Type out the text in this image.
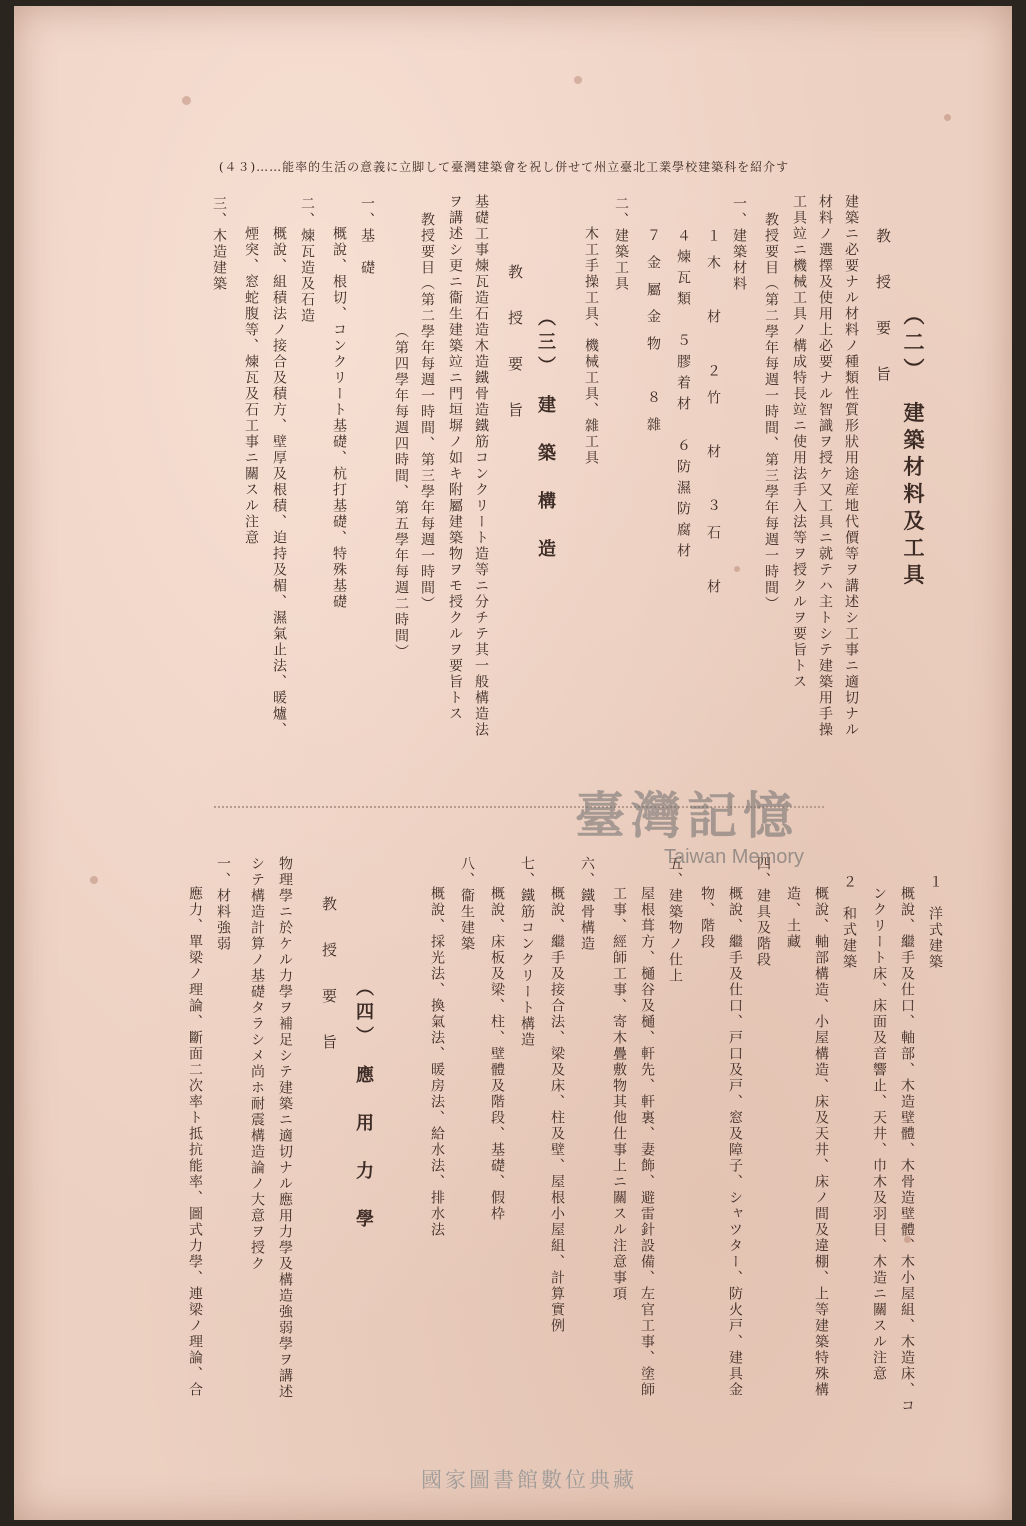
(４３)……能率的生活の意義に立脚して臺灣建築會を祝し併せて州立臺北工業學校建築科を紹介す
（二）　建築材料及工具
教　授　要　旨
建築ニ必要ナル材料ノ種類性質形狀用途産地代價等ヲ講述シ工事ニ適切ナル
材料ノ選擇及使用上必要ナル智識ヲ授ケ又工具ニ就テハ主トシテ建築用手操
工具竝ニ機械工具ノ構成特長竝ニ使用法手入法等ヲ授クルヲ要旨トス
教授要目（第二學年每週一時間、第三學年每週一時間）
一、建築材料
１木　材　２竹　材　３石　材
４煉瓦類　５膠着材　６防濕防腐材
７金屬金物　８雜
二、建築工具
木工手操工具、機械工具、雜工具
（三）　建　築　構　造
教　授　要　旨
基礎工事煉瓦造石造木造鐵骨造鐵筋コンクリート造等ニ分チテ其一般構造法
ヲ講述シ更ニ衞生建築竝ニ門垣塀ノ如キ附屬建築物ヲモ授クルヲ要旨トス
教授要目（第二學年每週一時間、第三學年每週一時間）
（第四學年每週四時間、第五學年每週二時間）
一、基　礎
概說、根切、コンクリート基礎、杭打基礎、特殊基礎
二、煉瓦造及石造
概說、組積法ノ接合及積方、壁厚及根積、迫持及楣、濕氣止法、暖爐、
煙突、窓蛇腹等、煉瓦及石工事ニ關スル注意
三、木造建築
１　洋式建築
概說、繼手及仕口、軸部、木造壁體、木骨造壁體、木小屋組、木造床、コ
ンクリート床、床面及音響止、天井、巾木及羽目、木造ニ關スル注意
２　和式建築
概說、軸部構造、小屋構造、床及天井、床ノ間及違棚、上等建築特殊構
造、土藏
四、建具及階段
概說、繼手及仕口、戸口及戸、窓及障子、シャツター、防火戸、建具金
物、階段
五、建築物ノ仕上
屋根葺方、樋谷及樋、軒先、軒裏、妻飾、避雷針設備、左官工事、塗師
工事、經師工事、寄木疊敷物其他仕事上ニ關スル注意事項
六、鐵骨構造
概說、繼手及接合法、梁及床、柱及壁、屋根小屋組、計算實例
七、鐵筋コンクリート構造
概說、床板及梁、柱、壁體及階段、基礎、假枠
八、衞生建築
概說、採光法、換氣法、暖房法、給水法、排水法
（四）　應　用　力　學
教　授　要　旨
物理學ニ於ケル力學ヲ補足シテ建築ニ適切ナル應用力學及構造強弱學ヲ講述
シテ構造計算ノ基礎タラシメ尚ホ耐震構造論ノ大意ヲ授ク
一、材料強弱
應力、單梁ノ理論、斷面二次率ト抵抗能率、圖式力學、連梁ノ理論、合
臺灣記憶
Taiwan Memory
國家圖書館數位典藏
